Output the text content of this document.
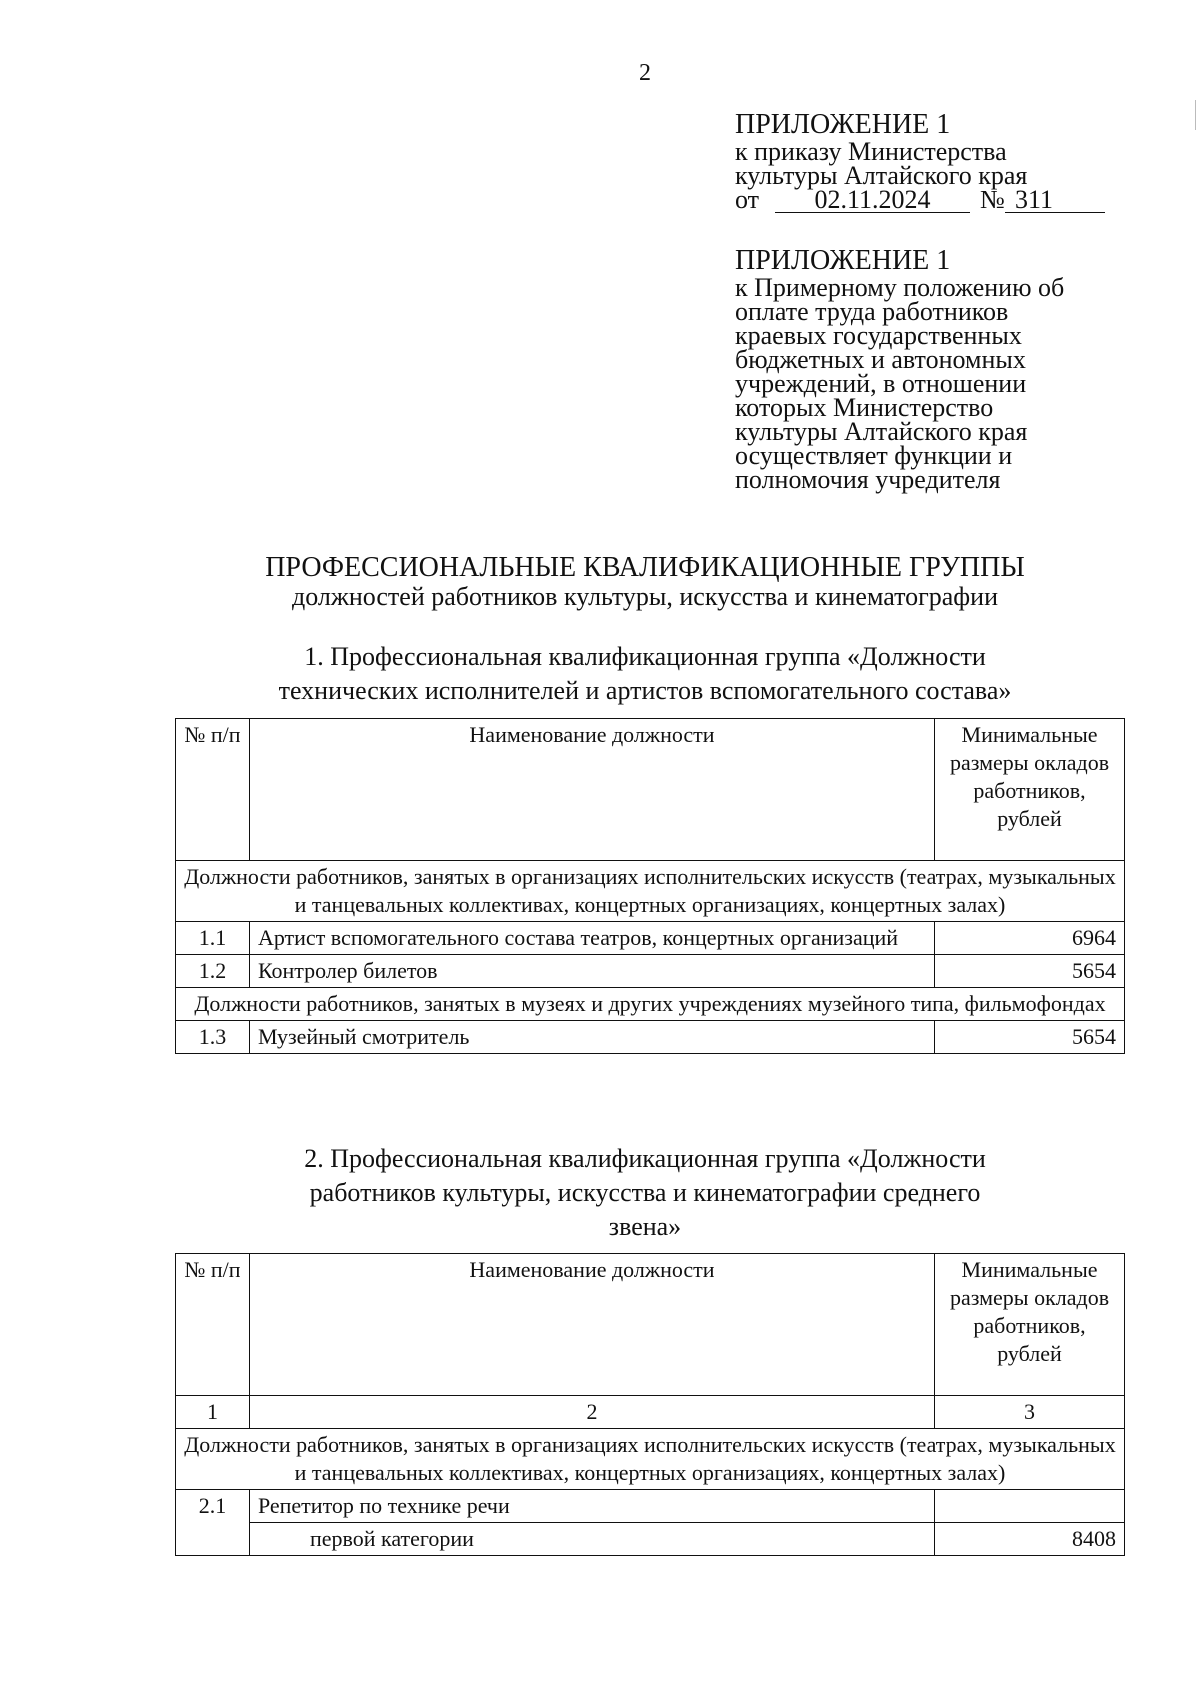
2
ПРИЛОЖЕНИЕ 1
к приказу Министерства
культуры Алтайского края
от	02.11.2024	№ 311
ПРИЛОЖЕНИЕ 1
к Примерному положению об
оплате труда работников
краевых государственных
бюджетных и автономных
учреждений, в отношении
которых Министерство
культуры Алтайского края
осуществляет функции и
полномочия учредителя
ПРОФЕССИОНАЛЬНЫЕ КВАЛИФИКАЦИОННЫЕ ГРУППЫ
должностей работников культуры, искусства и кинематографии
1. Профессиональная квалификационная группа «Должности
технических исполнителей и артистов вспомогательного состава»
№ п/п	Наименование должности	Минимальные размеры окладов работников, рублей
Должности работников, занятых в организациях исполнительских искусств (театрах, музыкальных и танцевальных коллективах, концертных организациях, концертных залах)		
1.1	Артист вспомогательного состава театров, концертных организаций	6964
1.2	Контролер билетов	5654
Должности работников, занятых в музеях и других учреждениях музейного типа, фильмофондах		
1.3	Музейный смотритель	5654
2. Профессиональная квалификационная группа «Должности
работников культуры, искусства и кинематографии среднего
звена»
№ п/п	Наименование должности	Минимальные размеры окладов работников, рублей
1	2	3
Должности работников, занятых в организациях исполнительских искусств (театрах, музыкальных и танцевальных коллективах, концертных организациях, концертных залах)		
2.1	Репетитор по технике речи	
	первой категории	8408
